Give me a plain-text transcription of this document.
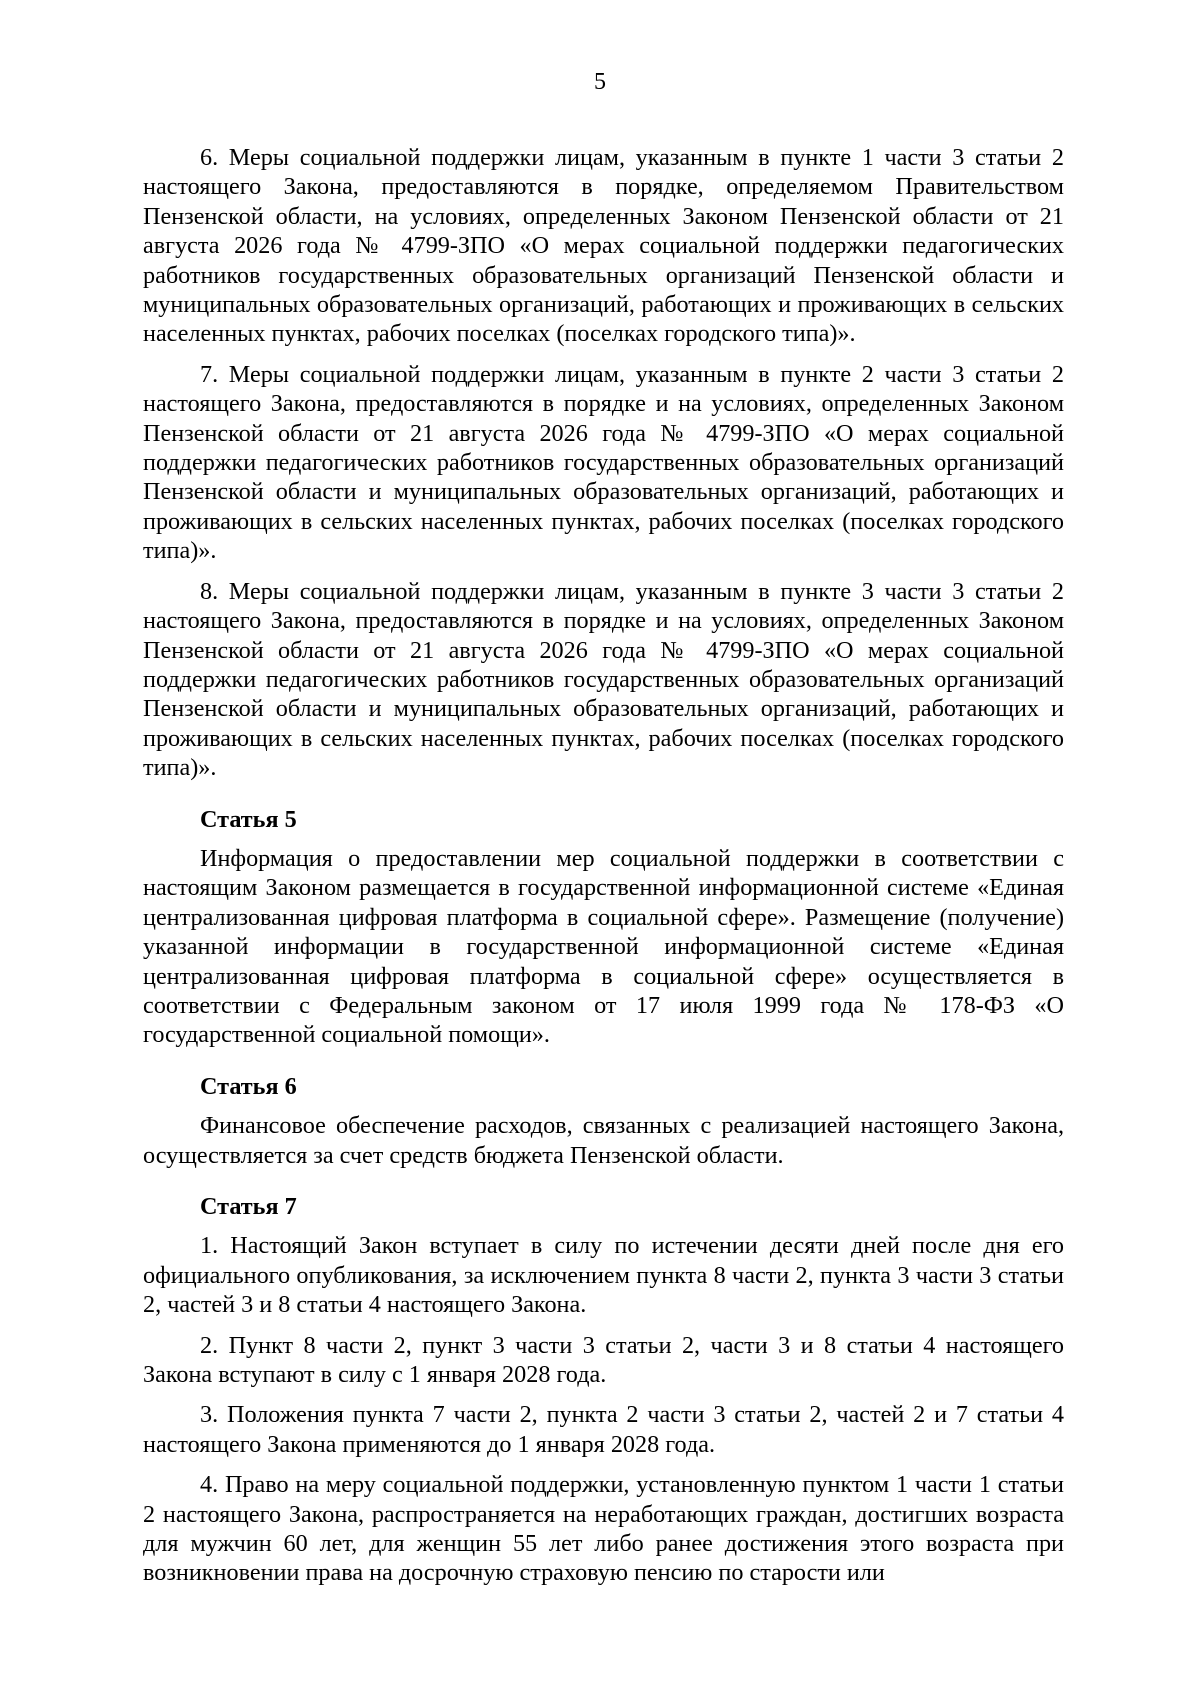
5

6. Меры социальной поддержки лицам, указанным в пункте 1 части 3 статьи 2 настоящего Закона, предоставляются в порядке, определяемом Правительством Пензенской области, на условиях, определенных Законом Пензенской области от 21 августа 2026 года № 4799-ЗПО «О мерах социальной поддержки педагогических работников государственных образовательных организаций Пензенской области и муниципальных образовательных организаций, работающих и проживающих в сельских населенных пунктах, рабочих поселках (поселках городского типа)».

7. Меры социальной поддержки лицам, указанным в пункте 2 части 3 статьи 2 настоящего Закона, предоставляются в порядке и на условиях, определенных Законом Пензенской области от 21 августа 2026 года № 4799-ЗПО «О мерах социальной поддержки педагогических работников государственных образовательных организаций Пензенской области и муниципальных образовательных организаций, работающих и проживающих в сельских населенных пунктах, рабочих поселках (поселках городского типа)».

8. Меры социальной поддержки лицам, указанным в пункте 3 части 3 статьи 2 настоящего Закона, предоставляются в порядке и на условиях, определенных Законом Пензенской области от 21 августа 2026 года № 4799-ЗПО «О мерах социальной поддержки педагогических работников государственных образовательных организаций Пензенской области и муниципальных образовательных организаций, работающих и проживающих в сельских населенных пунктах, рабочих поселках (поселках городского типа)».

Статья 5

Информация о предоставлении мер социальной поддержки в соответствии с настоящим Законом размещается в государственной информационной системе «Единая централизованная цифровая платформа в социальной сфере». Размещение (получение) указанной информации в государственной информационной системе «Единая централизованная цифровая платформа в социальной сфере» осуществляется в соответствии с Федеральным законом от 17 июля 1999 года № 178-ФЗ «О государственной социальной помощи».

Статья 6

Финансовое обеспечение расходов, связанных с реализацией настоящего Закона, осуществляется за счет средств бюджета Пензенской области.

Статья 7

1. Настоящий Закон вступает в силу по истечении десяти дней после дня его официального опубликования, за исключением пункта 8 части 2, пункта 3 части 3 статьи 2, частей 3 и 8 статьи 4 настоящего Закона.

2. Пункт 8 части 2, пункт 3 части 3 статьи 2, части 3 и 8 статьи 4 настоящего Закона вступают в силу с 1 января 2028 года.

3. Положения пункта 7 части 2, пункта 2 части 3 статьи 2, частей 2 и 7 статьи 4 настоящего Закона применяются до 1 января 2028 года.

4. Право на меру социальной поддержки, установленную пунктом 1 части 1 статьи 2 настоящего Закона, распространяется на неработающих граждан, достигших возраста для мужчин 60 лет, для женщин 55 лет либо ранее достижения этого возраста при возникновении права на досрочную страховую пенсию по старости или
